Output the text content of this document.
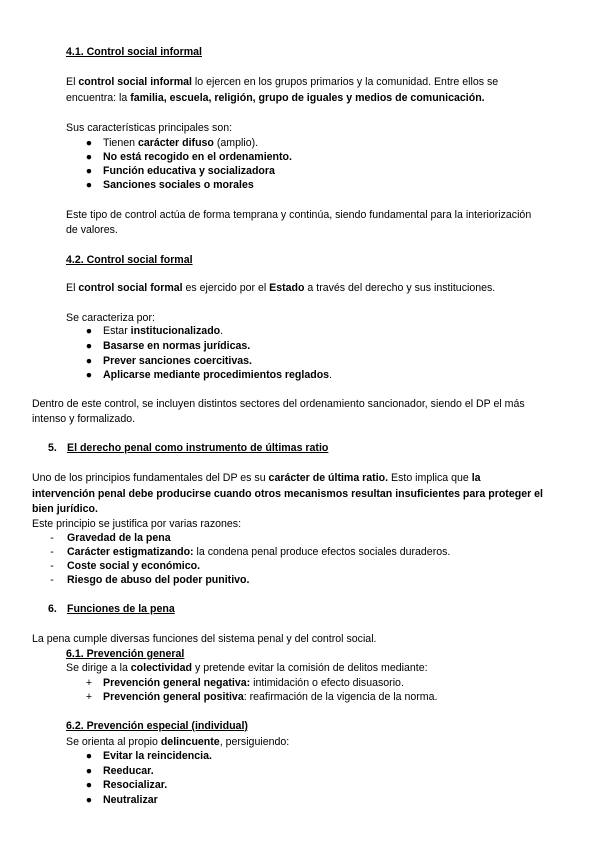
4.1. Control social informal
El control social informal lo ejercen en los grupos primarios y la comunidad. Entre ellos se
encuentra: la familia, escuela, religión, grupo de iguales y medios de comunicación.
Sus características principales son:
● Tienen carácter difuso (amplio).
● No está recogido en el ordenamiento.
● Función educativa y socializadora
● Sanciones sociales o morales
Este tipo de control actúa de forma temprana y continúa, siendo fundamental para la interiorización
de valores.
4.2. Control social formal
El control social formal es ejercido por el Estado a través del derecho y sus instituciones.
Se caracteriza por:
● Estar institucionalizado.
● Basarse en normas jurídicas.
● Prever sanciones coercitivas.
● Aplicarse mediante procedimientos reglados.
Dentro de este control, se incluyen distintos sectores del ordenamiento sancionador, siendo el DP el más
intenso y formalizado.
5. El derecho penal como instrumento de últimas ratio
Uno de los principios fundamentales del DP es su carácter de última ratio. Esto implica que la
intervención penal debe producirse cuando otros mecanismos resultan insuficientes para proteger el
bien jurídico.
Este principio se justifica por varias razones:
-	Gravedad de la pena
-	Carácter estigmatizando: la condena penal produce efectos sociales duraderos.
-	Coste social y económico.
-	Riesgo de abuso del poder punitivo.
6. Funciones de la pena
La pena cumple diversas funciones del sistema penal y del control social.
6.1. Prevención general
Se dirige a la colectividad y pretende evitar la comisión de delitos mediante:
+ Prevención general negativa: intimidación o efecto disuasorio.
+ Prevención general positiva: reafirmación de la vigencia de la norma.
6.2. Prevención especial (individual)
Se orienta al propio delincuente, persiguiendo:
● Evitar la reincidencia.
● Reeducar.
● Resocializar.
● Neutralizar
